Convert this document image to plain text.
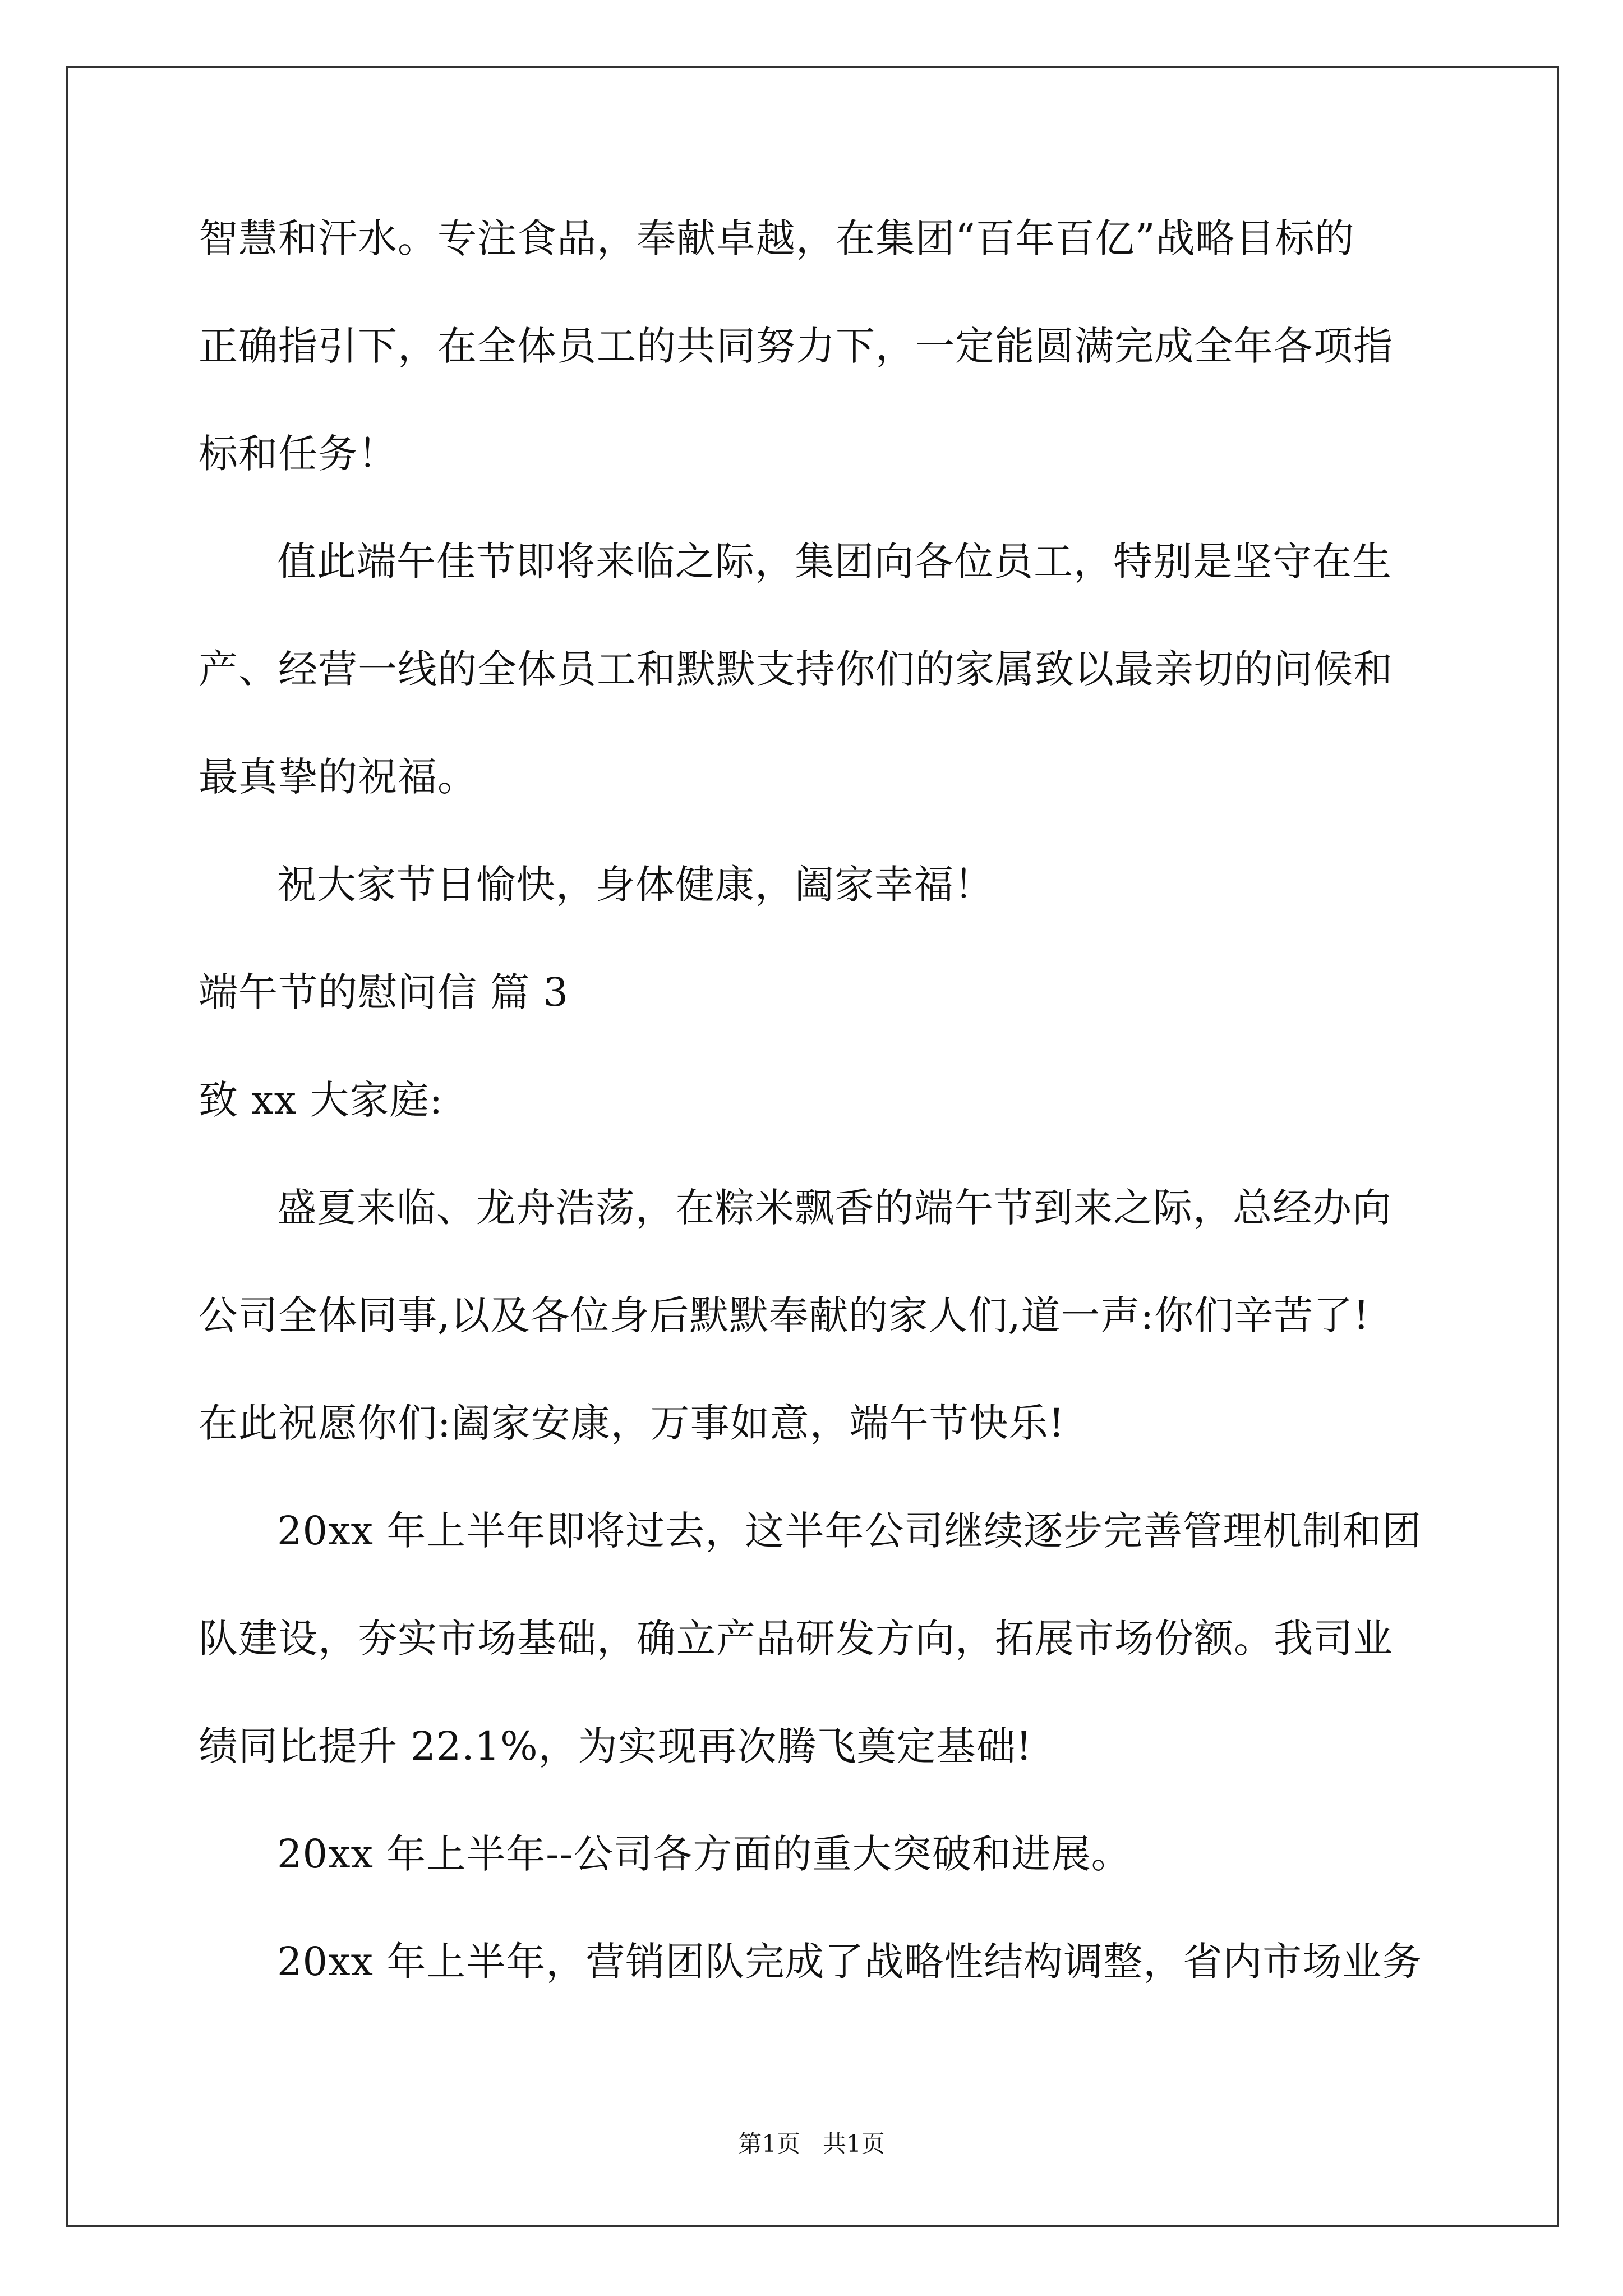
智慧和汗水。专注食品，奉献卓越，在集团“百年百亿”战略目标的
正确指引下，在全体员工的共同努力下，一定能圆满完成全年各项指
标和任务！
值此端午佳节即将来临之际，集团向各位员工，特别是坚守在生
产、经营一线的全体员工和默默支持你们的家属致以最亲切的问候和
最真挚的祝福。
祝大家节日愉快，身体健康，阖家幸福！
端午节的慰问信 篇 3
致 xx 大家庭:
盛夏来临、龙舟浩荡，在粽米飘香的端午节到来之际，总经办向
公司全体同事,以及各位身后默默奉献的家人们,道一声:你们辛苦了!
在此祝愿你们:阖家安康，万事如意，端午节快乐!
20xx 年上半年即将过去，这半年公司继续逐步完善管理机制和团
队建设，夯实市场基础，确立产品研发方向，拓展市场份额。我司业
绩同比提升 22.1%，为实现再次腾飞奠定基础!
20xx 年上半年--公司各方面的重大突破和进展。
20xx 年上半年，营销团队完成了战略性结构调整，省内市场业务
第1页   共1页
